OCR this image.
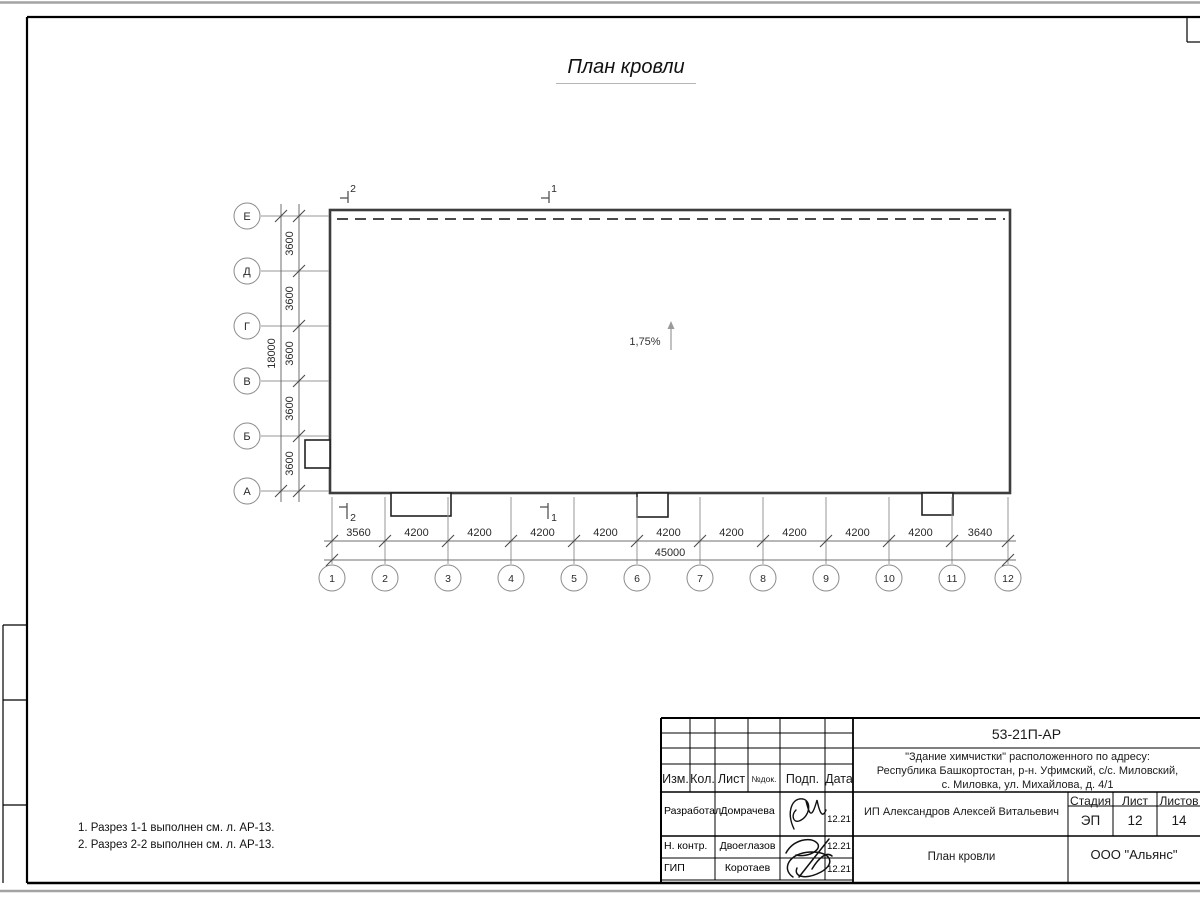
1,75%
Е
Д
Г
В
Б
А
3600
3600
3600
3600
3600
18000
1	2	3	4	5	6	7	8	9	10	11	12
3560	4200	4200	4200	4200	4200	4200	4200	4200	4200	3640
45000
2	1
2	1
План кровли
1. Разрез 1-1 выполнен см. л. АР-13.
2. Разрез 2-2 выполнен см. л. АР-13.
Изм. Кол. Лист №док. Подп. Дата
Разработал Домрачева
12.21
Н. контр.	Двоеглазов	12.21
ГИП	Коротаев	12.21
53-21П-АР
"Здание химчистки" расположенного по адресу:
Республика Башкортостан, р-н. Уфимский, с/с. Миловский,
с. Миловка, ул. Михайлова, д. 4/1
ИП Александров Алексей Витальевич
Стадия Лист Листов
ЭП	12	14
План кровли	ООО "Альянс"
